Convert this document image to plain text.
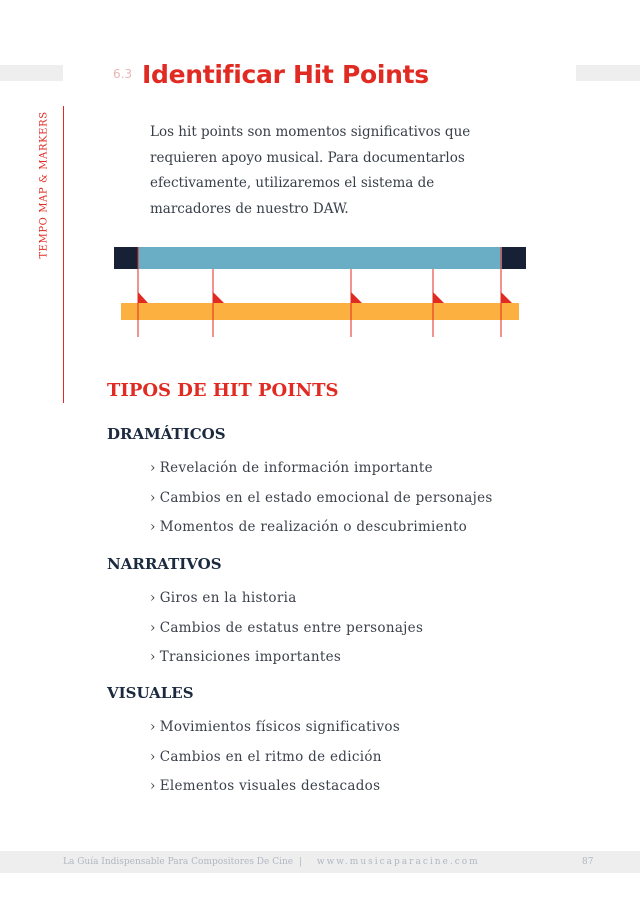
6.3 Identificar Hit Points
TEMPO MAP & MARKERS	Los hit points son momentos significativos que

requieren apoyo musical. Para documentarlos

efectivamente, utilizaremos el sistema de

marcadores de nuestro DAW.

TIPOS DE HIT POINTS
DRAMÁTICOS
› Revelación de información importante
› Cambios en el estado emocional de personajes
› Momentos de realización o descubrimiento
NARRATIVOS
› Giros en la historia
› Cambios de estatus entre personajes
› Transiciones importantes
VISUALES
› Movimientos físicos significativos
› Cambios en el ritmo de edición
› Elementos visuales destacados
La Guía Indispensable Para Compositores De Cine | www.musicaparacine.com	87
